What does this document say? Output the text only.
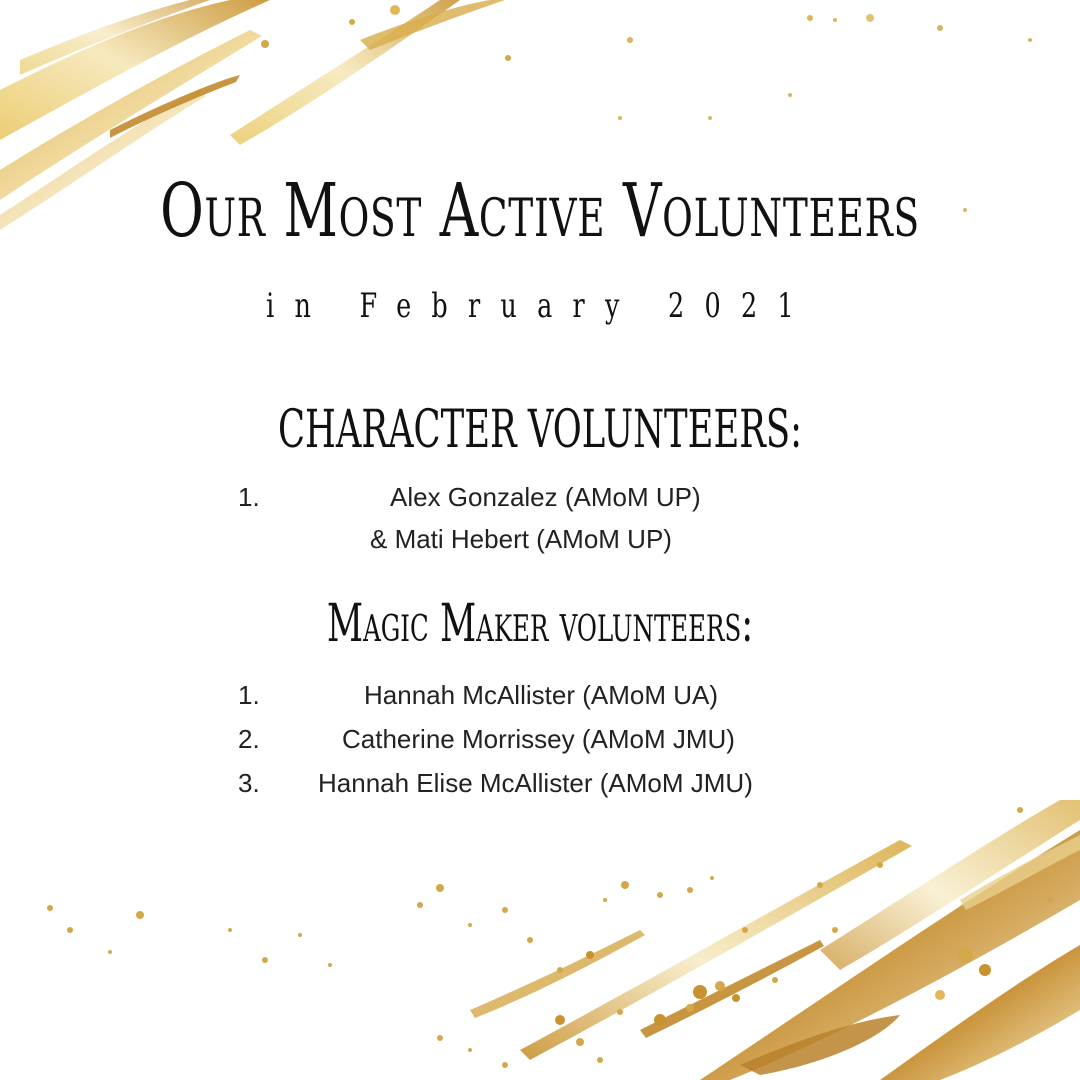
Our Most Active Volunteers
in February 2021
CHARACTER VOLUNTEERS:
1.	Alex Gonzalez (AMoM UP)
& Mati Hebert (AMoM UP)
Magic Maker volunteers:
1.	Hannah McAllister (AMoM UA)
2.	Catherine Morrissey (AMoM JMU)
3. Hannah Elise McAllister (AMoM JMU)
